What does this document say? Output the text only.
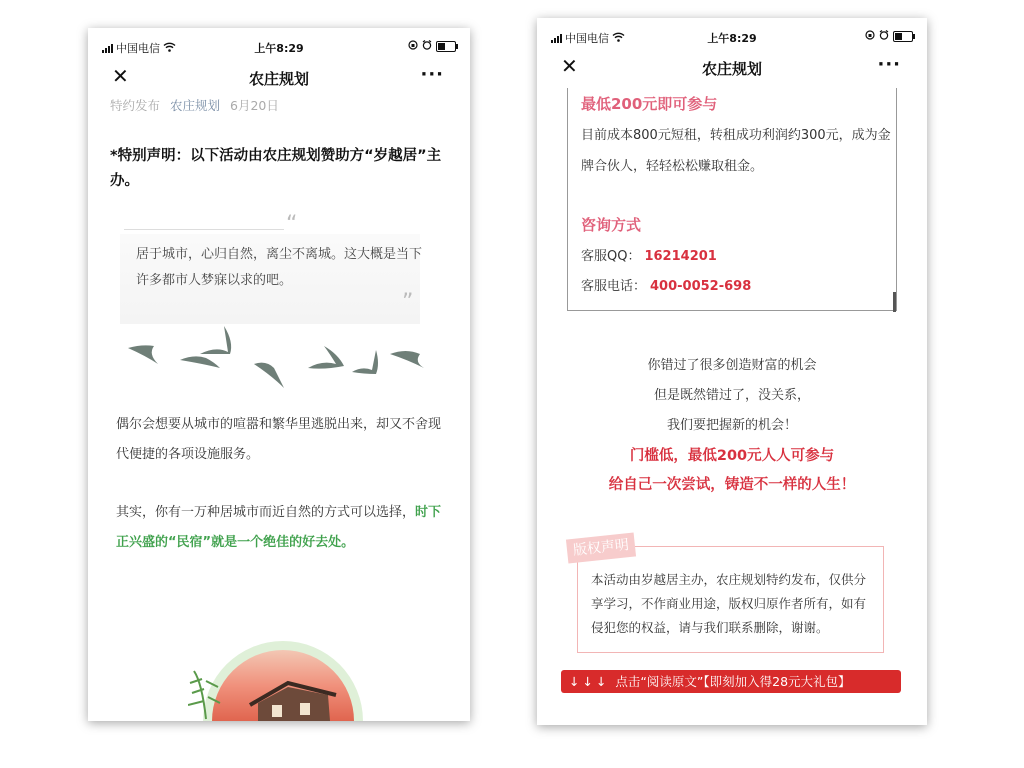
中国电信	上午8:29
✕	农庄规划	···
特约发布 农庄规划 6月20日
*特别声明：以下活动由农庄规划赞助方“岁越居”主办。
“
居于城市，心归自然，离尘不离城。这大概是当下许多都市人梦寐以求的吧。
”
偶尔会想要从城市的喧嚣和繁华里逃脱出来，却又不舍现代便捷的各项设施服务。
其实，你有一万种居城市而近自然的方式可以选择，时下正兴盛的“民宿”就是一个绝佳的好去处。
中国电信	上午8:29
✕	农庄规划	···
最低200元即可参与
目前成本800元短租，转租成功利润约300元，成为金牌合伙人，轻轻松松赚取租金。
咨询方式
客服QQ： 16214201
客服电话： 400-0052-698
你错过了很多创造财富的机会
但是既然错过了，没关系，
我们要把握新的机会！
门槛低，最低200元人人可参与
给自己一次尝试，铸造不一样的人生！
版权声明
本活动由岁越居主办，农庄规划特约发布，仅供分享学习，不作商业用途，版权归原作者所有，如有侵犯您的权益，请与我们联系删除，谢谢。
↓↓↓ 点击“阅读原文”【即刻加入得28元大礼包】
